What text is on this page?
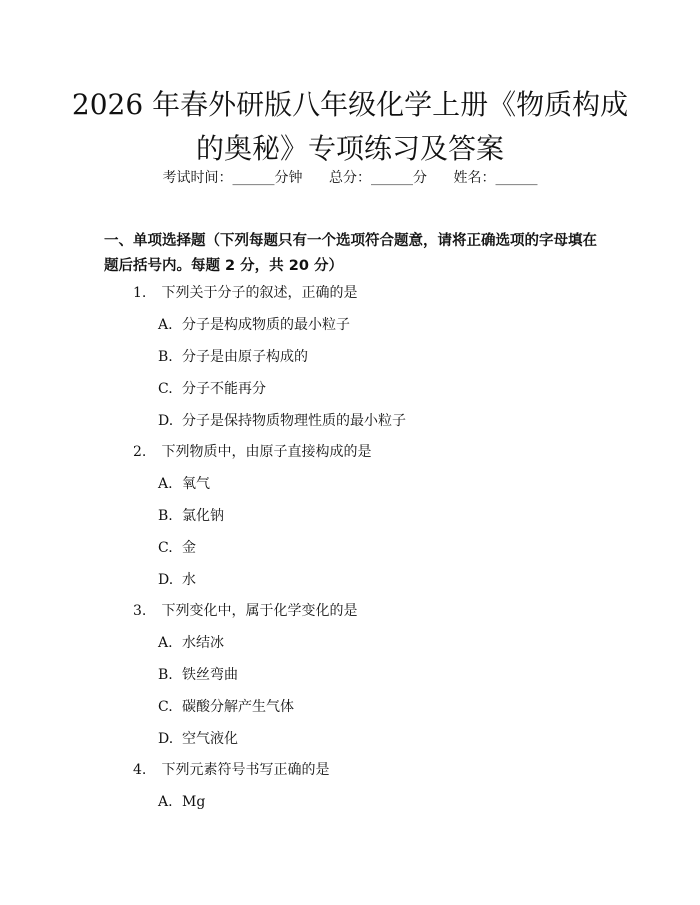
2026 年春外研版八年级化学上册《物质构成的奥秘》专项练习及答案
考试时间：______分钟 总分：______分 姓名：______
一、单项选择题（下列每题只有一个选项符合题意，请将正确选项的字母填在题后括号内。每题 2 分，共 20 分）
1. 下列关于分子的叙述，正确的是
A. 分子是构成物质的最小粒子
B. 分子是由原子构成的
C. 分子不能再分
D. 分子是保持物质物理性质的最小粒子
2. 下列物质中，由原子直接构成的是
A. 氧气
B. 氯化钠
C. 金
D. 水
3. 下列变化中，属于化学变化的是
A. 水结冰
B. 铁丝弯曲
C. 碳酸分解产生气体
D. 空气液化
4. 下列元素符号书写正确的是
A. Mg
